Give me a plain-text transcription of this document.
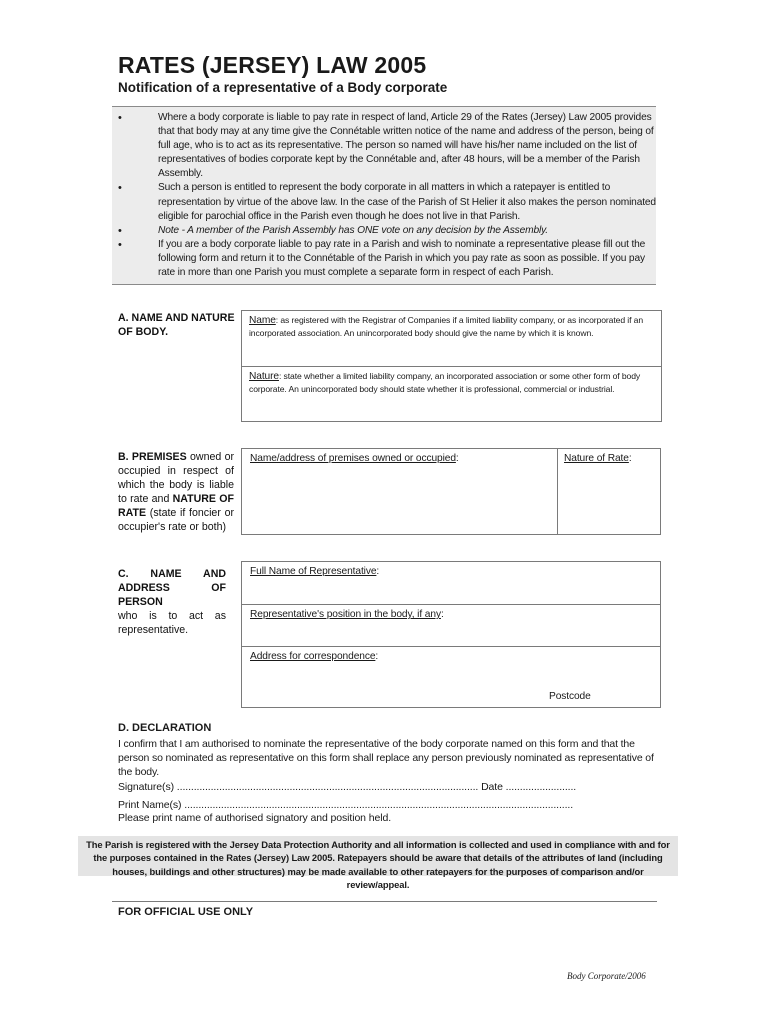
RATES (JERSEY) LAW 2005
Notification of a representative of a Body corporate
•	Where a body corporate is liable to pay rate in respect of land, Article 29 of the Rates (Jersey) Law 2005 provides that that body may at any time give the Connétable written notice of the name and address of the person, being of full age, who is to act as its representative. The person so named will have his/her name included on the list of representatives of bodies corporate kept by the Connétable and, after 48 hours, will be a member of the Parish Assembly.
•	Such a person is entitled to represent the body corporate in all matters in which a ratepayer is entitled to representation by virtue of the above law. In the case of the Parish of St Helier it also makes the person nominated eligible for parochial office in the Parish even though he does not live in that Parish.
•	Note - A member of the Parish Assembly has ONE vote on any decision by the Assembly.
•	If you are a body corporate liable to pay rate in a Parish and wish to nominate a representative please fill out the following form and return it to the Connétable of the Parish in which you pay rate as soon as possible. If you pay rate in more than one Parish you must complete a separate form in respect of each Parish.
A. NAME AND NATURE OF BODY.
Name: as registered with the Registrar of Companies if a limited liability company, or as incorporated if an incorporated association. An unincorporated body should give the name by which it is known.
Nature: state whether a limited liability company, an incorporated association or some other form of body corporate. An unincorporated body should state whether it is professional, commercial or industrial.
B. PREMISES owned or occupied in respect of which the body is liable to rate and NATURE OF RATE (state if foncier or occupier's rate or both)
Name/address of premises owned or occupied:	Nature of Rate:
C. NAME AND ADDRESS OF PERSON
who is to act as representative.
Full Name of Representative:
Representative's position in the body, if any:
Address for correspondence:
Postcode
D. DECLARATION
I confirm that I am authorised to nominate the representative of the body corporate named on this form and that the person so nominated as representative on this form shall replace any person previously nominated as representative of the body.
Signature(s) ........................................................................................................... Date .........................
Print Name(s) ..........................................................................................................................................
Please print name of authorised signatory and position held.
The Parish is registered with the Jersey Data Protection Authority and all information is collected and used in compliance with and for the purposes contained in the Rates (Jersey) Law 2005. Ratepayers should be aware that details of the attributes of land (including houses, buildings and other structures) may be made available to other ratepayers for the purposes of comparison and/or review/appeal.
FOR OFFICIAL USE ONLY
Body Corporate/2006
